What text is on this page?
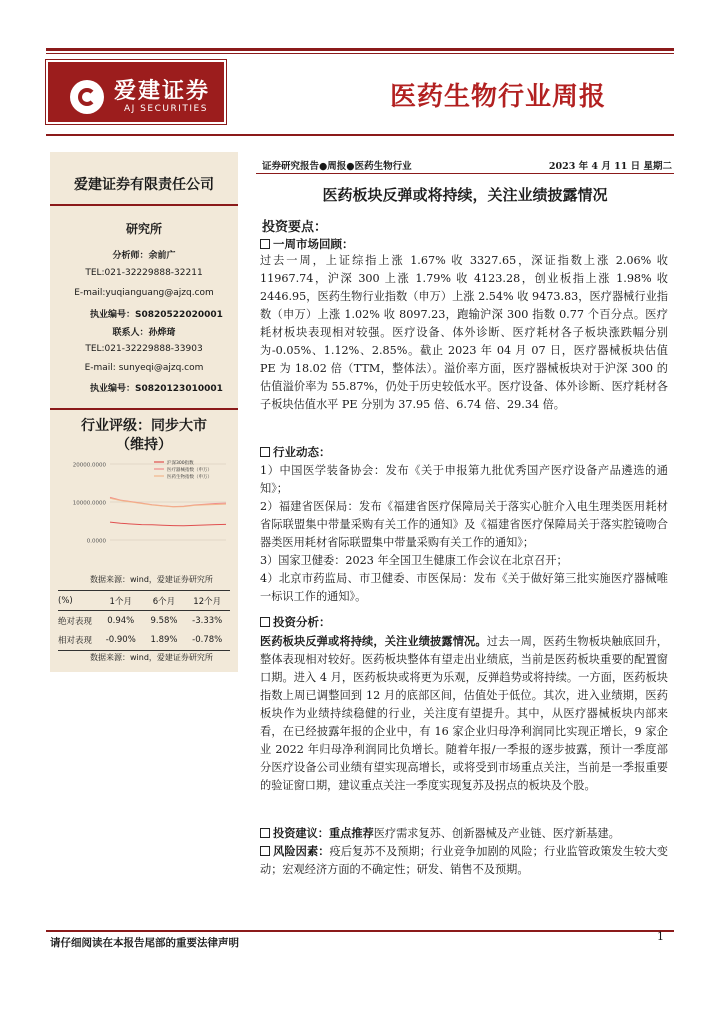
爱建证券
AJ SECURITIES	医药生物行业周报
爱建证券有限责任公司
研究所
分析师：余前广
TEL:021-32229888-32211
E-mail:yuqianguang@ajzq.com
执业编号：S0820522020001
联系人：孙烨琦
TEL:021-32229888-33903
E-mail: sunyeqi@ajzq.com
执业编号：S0820123010001
行业评级：同步大市
（维持）
20000.0000
10000.0000
0.0000
沪深300指数
医疗器械指数（申万）
医药生物指数（申万）
数据来源：wind，爱建证券研究所
(%)	1个月	6个月	12个月
绝对表现	0.94%	9.58%	-3.33%
相对表现	-0.90%	1.89%	-0.78%
数据来源：wind，爱建证券研究所
证券研究报告●周报●医药生物行业	2023 年 4 月 11 日 星期二
医药板块反弹或将持续，关注业绩披露情况
投资要点：
一周市场回顾：
过去一周，上证综指上涨 1.67% 收 3327.65，深证指数上涨 2.06% 收 11967.74，沪深 300 上涨 1.79% 收 4123.28，创业板指上涨 1.98% 收 2446.95，医药生物行业指数（申万）上涨 2.54% 收 9473.83，医疗器械行业指数（申万）上涨 1.02% 收 8097.23，跑输沪深 300 指数 0.77 个百分点。医疗耗材板块表现相对较强。医疗设备、体外诊断、医疗耗材各子板块涨跌幅分别为-0.05%、1.12%、2.85%。截止 2023 年 04 月 07 日，医疗器械板块估值 PE 为 18.02 倍（TTM，整体法）。溢价率方面，医疗器械板块对于沪深 300 的估值溢价率为 55.87%，仍处于历史较低水平。医疗设备、体外诊断、医疗耗材各子板块估值水平 PE 分别为 37.95 倍、6.74 倍、29.34 倍。
行业动态：
1）中国医学装备协会：发布《关于申报第九批优秀国产医疗设备产品遴选的通知》；
2）福建省医保局：发布《福建省医疗保障局关于落实心脏介入电生理类医用耗材省际联盟集中带量采购有关工作的通知》及《福建省医疗保障局关于落实腔镜吻合器类医用耗材省际联盟集中带量采购有关工作的通知》；
3）国家卫健委：2023 年全国卫生健康工作会议在北京召开；
4）北京市药监局、市卫健委、市医保局：发布《关于做好第三批实施医疗器械唯一标识工作的通知》。
投资分析：
医药板块反弹或将持续，关注业绩披露情况。过去一周，医药生物板块触底回升，整体表现相对较好。医药板块整体有望走出业绩底，当前是医药板块重要的配置窗口期。进入 4 月，医药板块或将更为乐观，反弹趋势或将持续。一方面，医药板块指数上周已调整回到 12 月的底部区间，估值处于低位。其次，进入业绩期，医药板块作为业绩持续稳健的行业，关注度有望提升。其中，从医疗器械板块内部来看，在已经披露年报的企业中，有 16 家企业归母净利润同比实现正增长，9 家企业 2022 年归母净利润同比负增长。随着年报/一季报的逐步披露，预计一季度部分医疗设备公司业绩有望实现高增长，或将受到市场重点关注，当前是一季报重要的验证窗口期，建议重点关注一季度实现复苏及拐点的板块及个股。
投资建议：重点推荐医疗需求复苏、创新器械及产业链、医疗新基建。
风险因素：疫后复苏不及预期；行业竞争加剧的风险；行业监管政策发生较大变动；宏观经济方面的不确定性；研发、销售不及预期。
请仔细阅读在本报告尾部的重要法律声明	1
